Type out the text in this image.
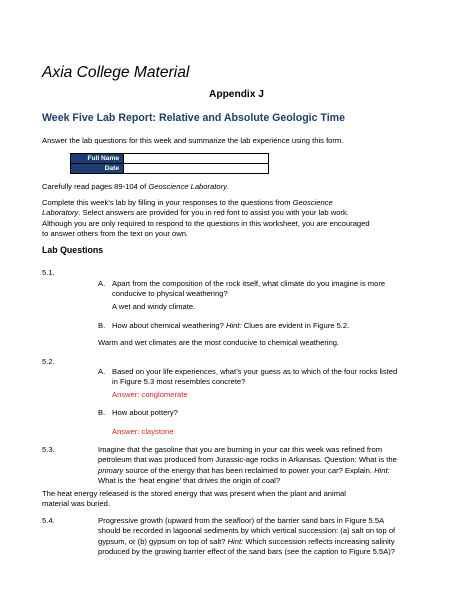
Axia College Material
Appendix J
Week Five Lab Report: Relative and Absolute Geologic Time
Answer the lab questions for this week and summarize the lab experience using this form.
Full Name	
Date	
Carefully read pages 89-104 of Geoscience Laboratory.
Complete this week’s lab by filling in your responses to the questions from Geoscience
Laboratory. Select answers are provided for you in red font to assist you with your lab work.
Although you are only required to respond to the questions in this worksheet, you are encouraged
to answer others from the text on your own.
Lab Questions
5.1.
A. Apart from the composition of the rock itself, what climate do you imagine is more
conducive to physical weathering?
A wet and windy climate.
B. How about chemical weathering? Hint: Clues are evident in Figure 5.2.
Warm and wet climates are the most conducive to chemical weathering.
5.2.
A. Based on your life experiences, what’s your guess as to which of the four rocks listed
in Figure 5.3 most resembles concrete?
Answer: conglomerate
B. How about pottery?
Answer: claystone
5.3.	Imagine that the gasoline that you are burning in your car this week was refined from
petroleum that was produced from Jurassic-age rocks in Arkansas. Question: What is the
primary source of the energy that has been reclaimed to power your car? Explain. Hint:
What is the ‘heat engine’ that drives the origin of coal?
The heat energy released is the stored energy that was present when the plant and animal
material was buried.
5.4.	Progressive growth (upward from the seafloor) of the barrier sand bars in Figure 5.5A
should be recorded in lagoonal sediments by which vertical succession: (a) salt on top of
gypsum, or (b) gypsum on top of salt? Hint: Which succession reflects increasing salinity
produced by the growing barrier effect of the sand bars (see the caption to Figure 5.5A)?
